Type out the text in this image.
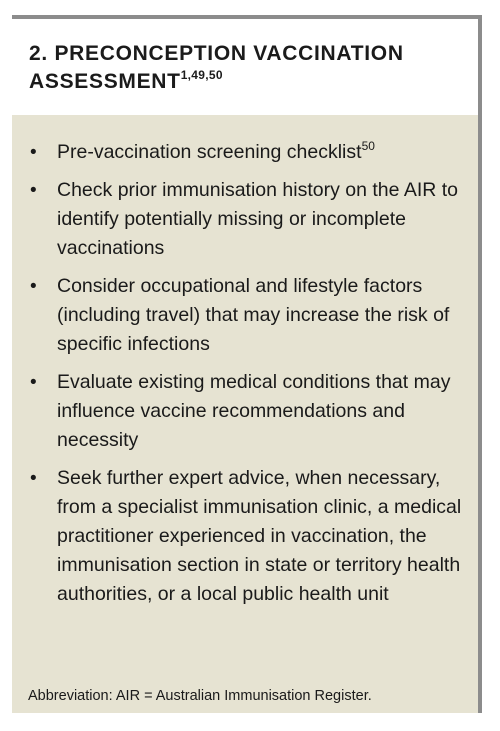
2. PRECONCEPTION VACCINATION ASSESSMENT$^{1,49,50}$
• Pre-vaccination screening checklist$^{50}$
• Check prior immunisation history on the AIR to identify potentially missing or incomplete vaccinations
• Consider occupational and lifestyle factors (including travel) that may increase the risk of specific infections
• Evaluate existing medical conditions that may influence vaccine recommendations and necessity
• Seek further expert advice, when necessary, from a specialist immunisation clinic, a medical practitioner experienced in vaccination, the immunisation section in state or territory health authorities, or a local public health unit

Abbreviation: AIR = Australian Immunisation Register.
